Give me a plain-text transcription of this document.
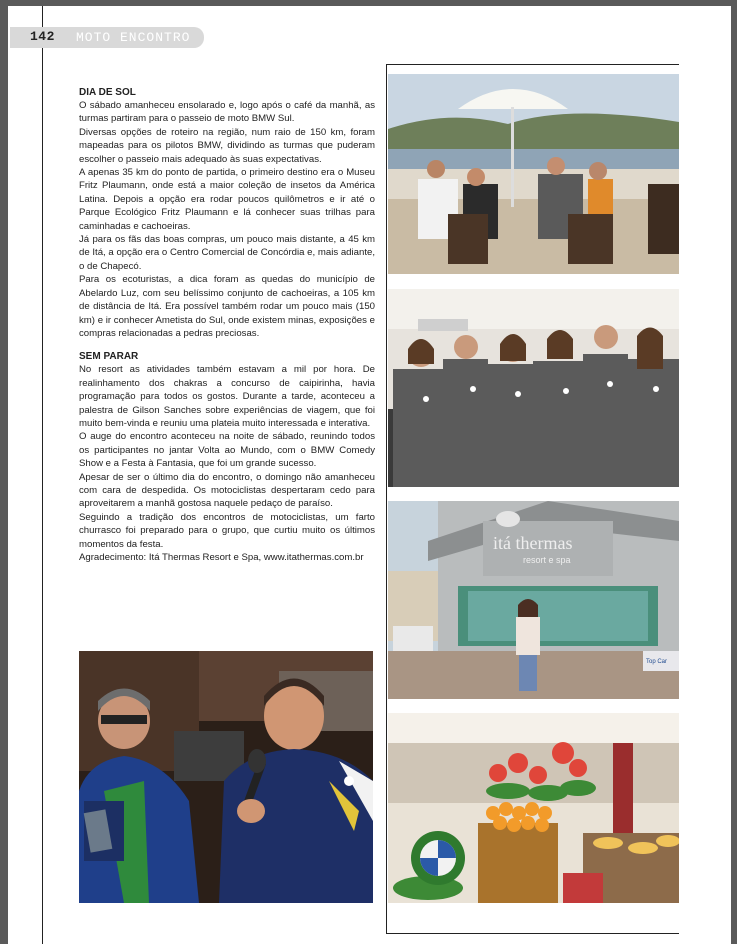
142 MOTO ENCONTRO
DIA DE SOL

O sábado amanheceu ensolarado e, logo após o café da manhã, as turmas partiram para o passeio de moto BMW Sul.

Diversas opções de roteiro na região, num raio de 150 km, foram mapeadas para os pilotos BMW, dividindo as turmas que puderam escolher o passeio mais adequado às suas expectativas.

A apenas 35 km do ponto de partida, o primeiro destino era o Museu Fritz Plaumann, onde está a maior coleção de insetos da América Latina. Depois a opção era rodar poucos quilômetros e ir até o Parque Ecológico Fritz Plaumann e lá conhecer suas trilhas para caminhadas e cachoeiras.

Já para os fãs das boas compras, um pouco mais distante, a 45 km de Itá, a opção era o Centro Comercial de Concórdia e, mais adiante, o de Chapecó.

Para os ecoturistas, a dica foram as quedas do município de Abelardo Luz, com seu belíssimo conjunto de cachoeiras, a 105 km de distância de Itá. Era possível também rodar um pouco mais (150 km) e ir conhecer Ametista do Sul, onde existem minas, exposições e compras relacionadas a pedras preciosas.

SEM PARAR

No resort as atividades também estavam a mil por hora. De realinhamento dos chakras a concurso de caipirinha, havia programação para todos os gostos. Durante a tarde, aconteceu a palestra de Gilson Sanches sobre experiências de viagem, que foi muito bem-vinda e reuniu uma plateia muito interessada e interativa.

O auge do encontro aconteceu na noite de sábado, reunindo todos os participantes no jantar Volta ao Mundo, com o BMW Comedy Show e a Festa à Fantasia, que foi um grande sucesso.

Apesar de ser o último dia do encontro, o domingo não amanheceu com cara de despedida. Os motociclistas despertaram cedo para aproveitarem a manhã gostosa naquele pedaço de paraíso.

Seguindo a tradição dos encontros de motociclistas, um farto churrasco foi preparado para o grupo, que curtiu muito os últimos momentos da festa.

Agradecimento: Itá Thermas Resort e Spa, www.itathermas.com.br

itá thermas
resort e spa
Top Car
